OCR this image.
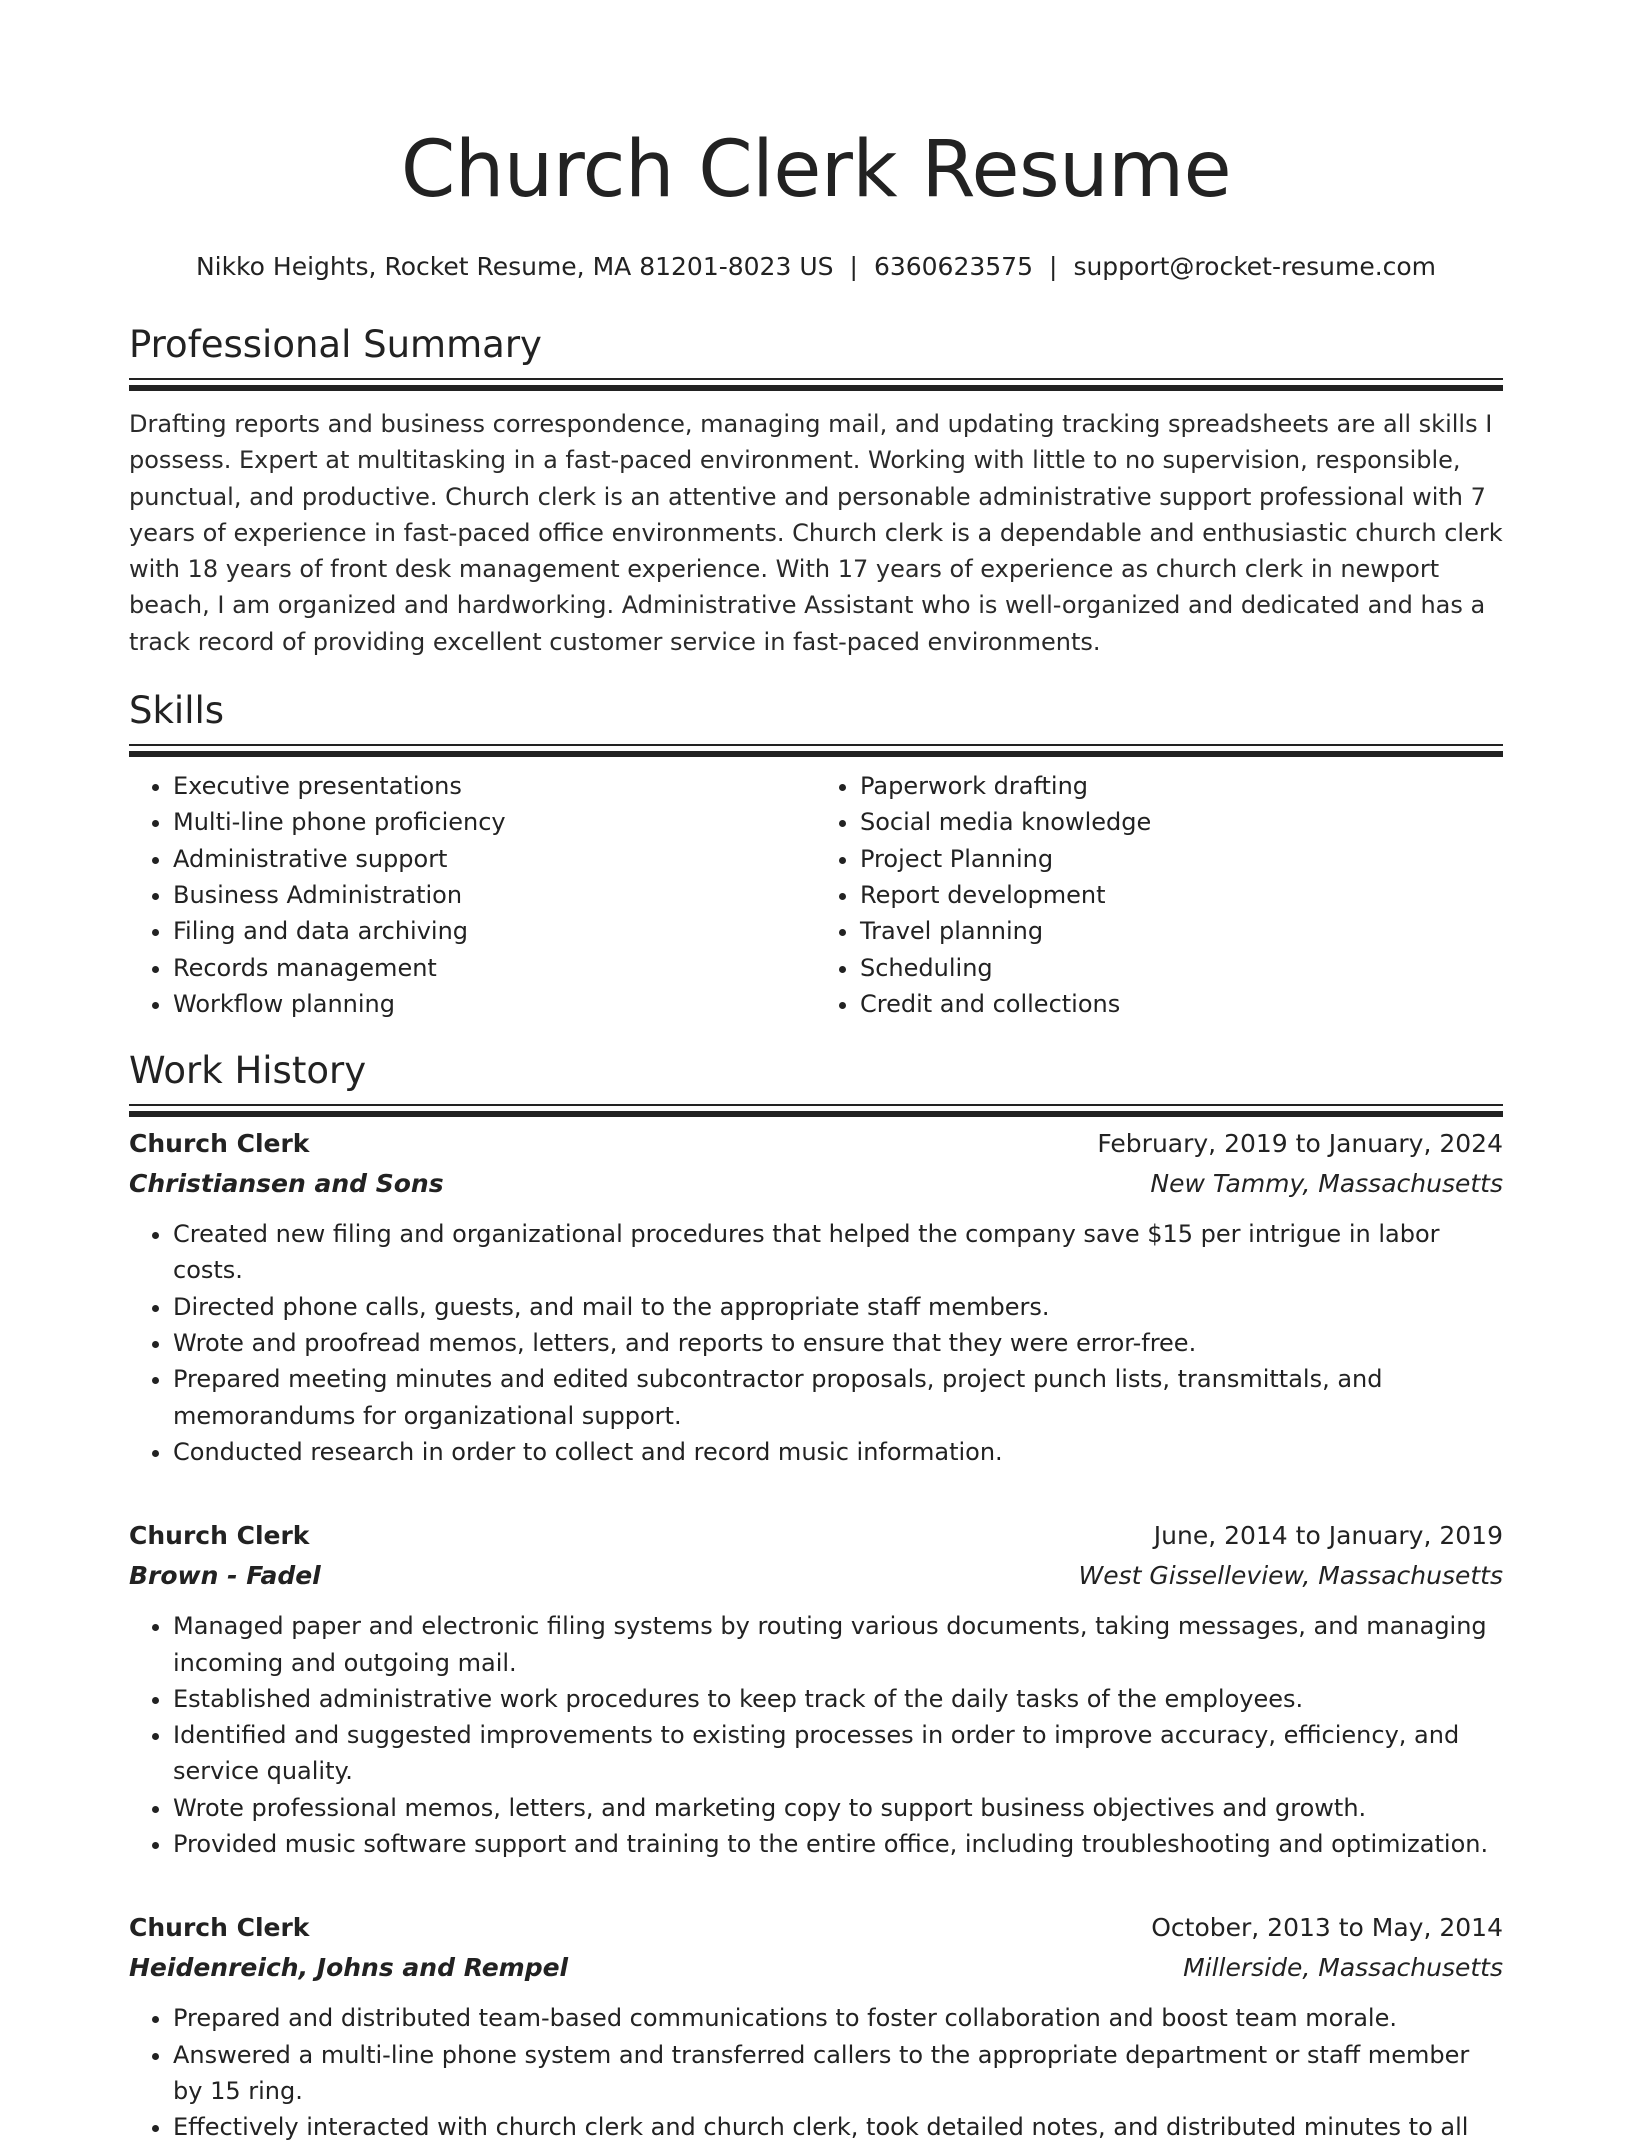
Church Clerk Resume
Nikko Heights, Rocket Resume, MA 81201-8023 US | 6360623575 | support@rocket-resume.com
Professional Summary

Drafting reports and business correspondence, managing mail, and updating tracking spreadsheets are all skills I possess. Expert at multitasking in a fast-paced environment. Working with little to no supervision, responsible, punctual, and productive. Church clerk is an attentive and personable administrative support professional with 7 years of experience in fast-paced office environments. Church clerk is a dependable and enthusiastic church clerk with 18 years of front desk management experience. With 17 years of experience as church clerk in newport beach, I am organized and hardworking. Administrative Assistant who is well-organized and dedicated and has a track record of providing excellent customer service in fast-paced environments.

Skills
• Executive presentations
• Multi-line phone proficiency
• Administrative support
• Business Administration
• Filing and data archiving
• Records management
• Workflow planning
• Paperwork drafting
• Social media knowledge
• Project Planning
• Report development
• Travel planning
• Scheduling
• Credit and collections
Work History
Church Clerk	February, 2019 to January, 2024
Christiansen and Sons	New Tammy, Massachusetts
• Created new filing and organizational procedures that helped the company save $15 per intrigue in labor costs.
• Directed phone calls, guests, and mail to the appropriate staff members.
• Wrote and proofread memos, letters, and reports to ensure that they were error-free.
• Prepared meeting minutes and edited subcontractor proposals, project punch lists, transmittals, and memorandums for organizational support.
• Conducted research in order to collect and record music information.
Church Clerk	June, 2014 to January, 2019
Brown - Fadel	West Gisselleview, Massachusetts
• Managed paper and electronic filing systems by routing various documents, taking messages, and managing incoming and outgoing mail.
• Established administrative work procedures to keep track of the daily tasks of the employees.
• Identified and suggested improvements to existing processes in order to improve accuracy, efficiency, and service quality.
• Wrote professional memos, letters, and marketing copy to support business objectives and growth.
• Provided music software support and training to the entire office, including troubleshooting and optimization.
Church Clerk	October, 2013 to May, 2014
Heidenreich, Johns and Rempel	Millerside, Massachusetts
• Prepared and distributed team-based communications to foster collaboration and boost team morale.
• Answered a multi-line phone system and transferred callers to the appropriate department or staff member by 15 ring.
• Effectively interacted with church clerk and church clerk, took detailed notes, and distributed minutes to all
